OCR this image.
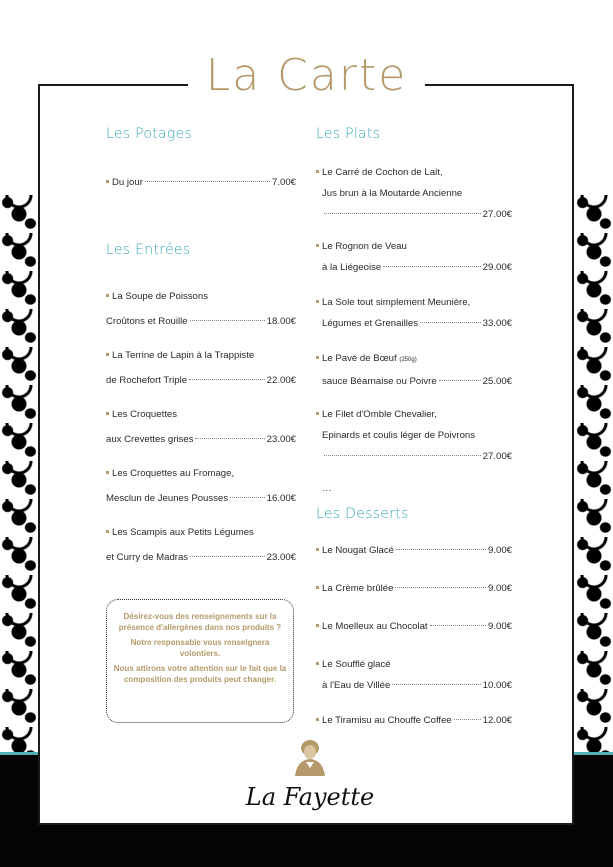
Les Potages
Du jour	7.00€
Les Entrées
La Soupe de Poissons
Croûtons et Rouille	18.00€
La Terrine de Lapin à la Trappiste
de Rochefort Triple	22.00€
Les Croquettes
aux Crevettes grises	23.00€
Les Croquettes au Fromage,
Mesclun de Jeunes Pousses	16.00€
Les Scampis aux Petits Légumes
et Curry de Madras	23.00€
Les Plats
Le Carré de Cochon de Lait,
Jus brun à la Moutarde Ancienne
27.00€
Le Rognon de Veau
à la Liégeoise	29.00€
La Sole tout simplement Meunière,
Légumes et Grenailles	33.00€
Le Pavé de Bœuf
(250g)
sauce Béarnaise ou Poivre	25.00€
Le Filet d'Omble Chevalier,
Epinards et coulis léger de Poivrons
27.00€
…
Les Desserts
Le Nougat Glacé	9.00€
La Crème brûlée	9.00€
Le Moelleux au Chocolat	9.00€
Le Soufflé glacé
à l'Eau de Villée	10.00€
Le Tiramisu au Chouffe Coffee	12.00€

Désirez-vous des renseignements sur la présence d'allergènes dans nos produits ?

Notre responsable vous renseignera volontiers.

Nous attirons votre attention sur le fait que la composition des produits peut changer.

La Fayette
La Carte
